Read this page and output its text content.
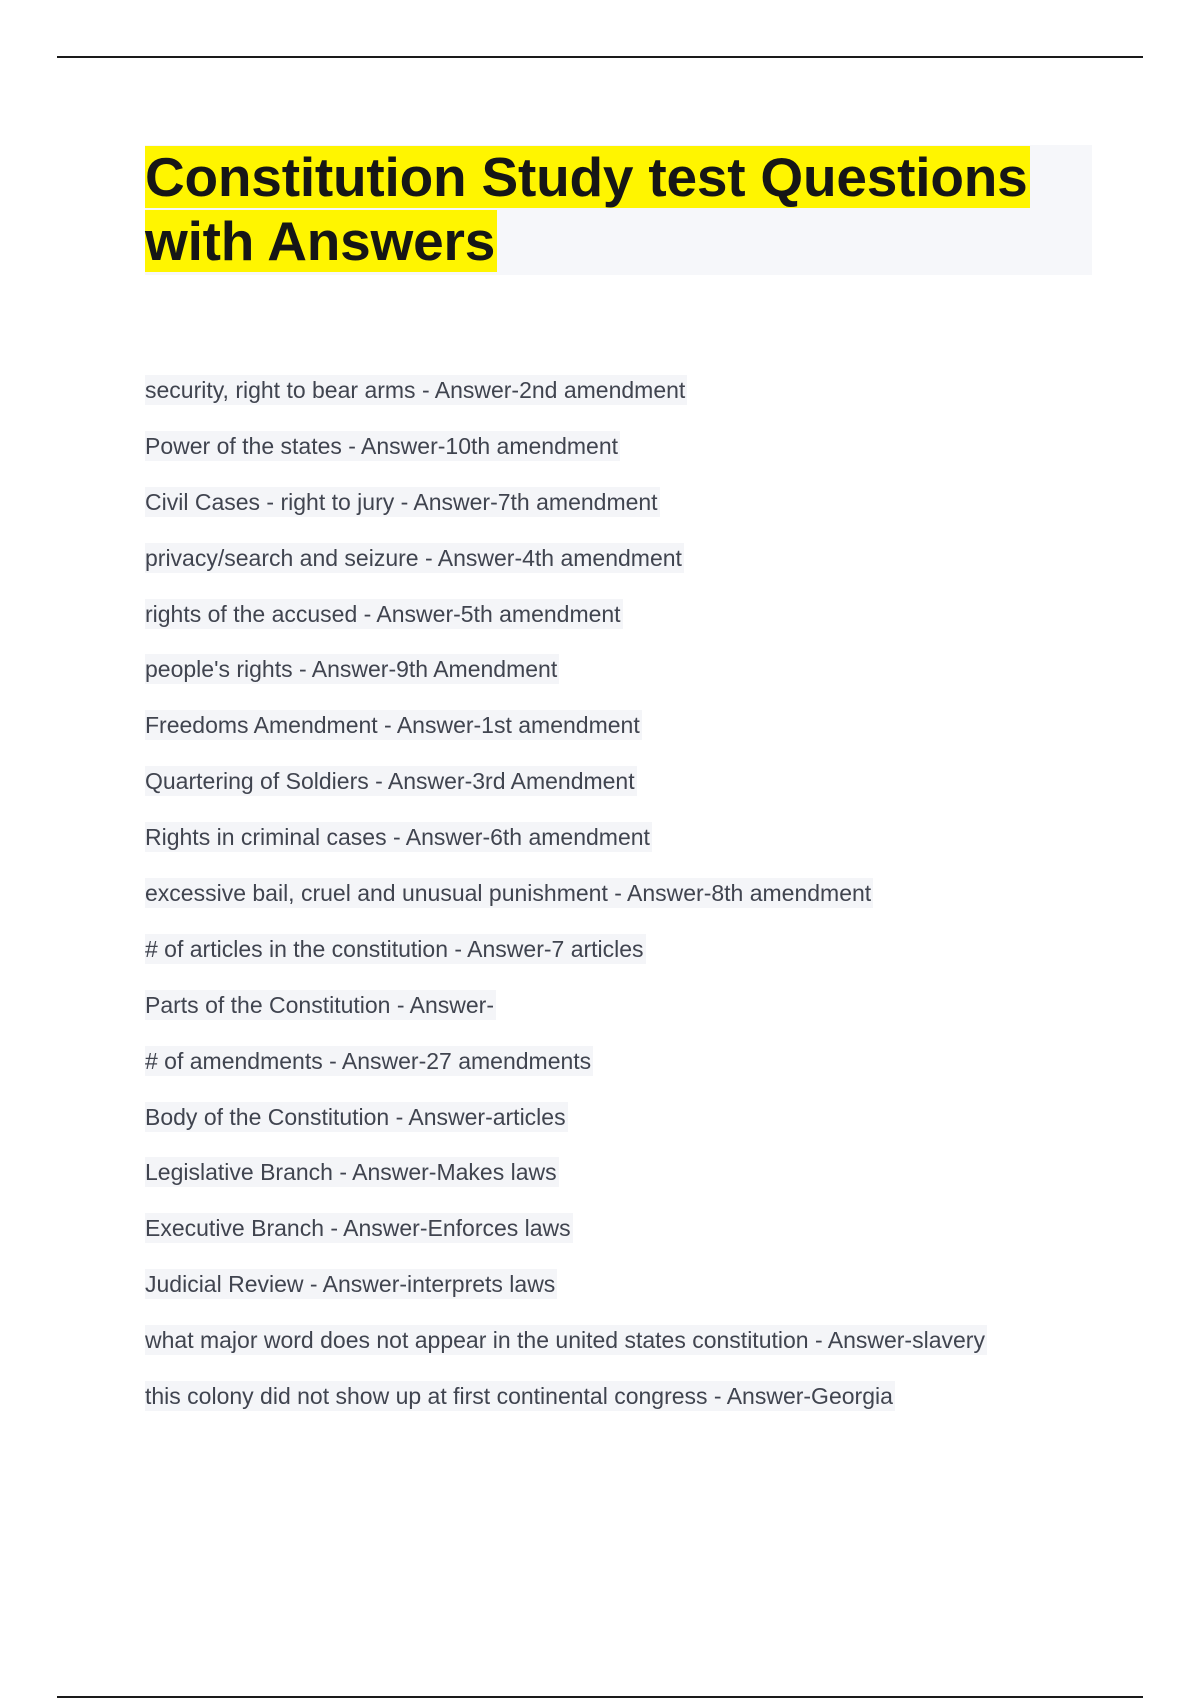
Constitution Study test Questions with Answers
security, right to bear arms - Answer-2nd amendment
Power of the states - Answer-10th amendment
Civil Cases - right to jury - Answer-7th amendment
privacy/search and seizure - Answer-4th amendment
rights of the accused - Answer-5th amendment
people's rights - Answer-9th Amendment
Freedoms Amendment - Answer-1st amendment
Quartering of Soldiers - Answer-3rd Amendment
Rights in criminal cases - Answer-6th amendment
excessive bail, cruel and unusual punishment - Answer-8th amendment
# of articles in the constitution - Answer-7 articles
Parts of the Constitution - Answer-
# of amendments - Answer-27 amendments
Body of the Constitution - Answer-articles
Legislative Branch - Answer-Makes laws
Executive Branch - Answer-Enforces laws
Judicial Review - Answer-interprets laws
what major word does not appear in the united states constitution - Answer-slavery
this colony did not show up at first continental congress - Answer-Georgia
